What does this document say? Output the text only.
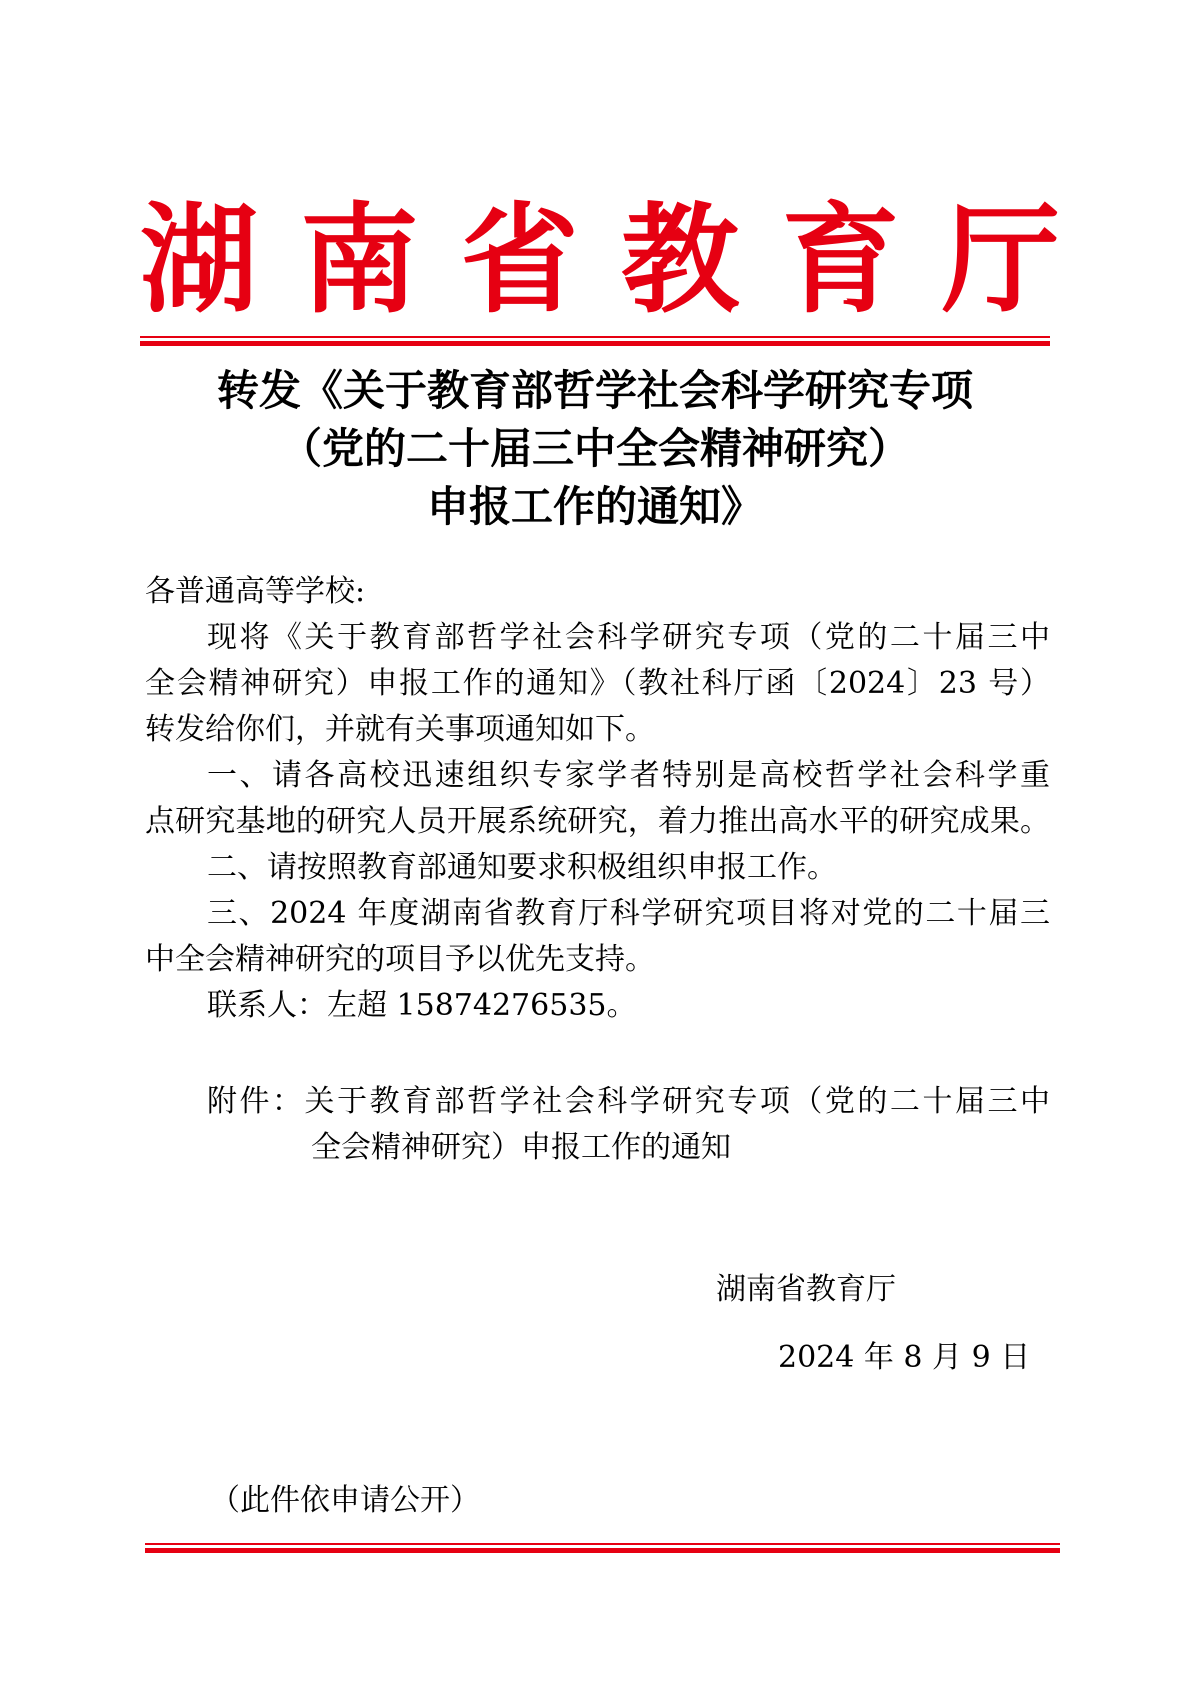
湖 南 省 教 育 厅
转发《关于教育部哲学社会科学研究专项
（党的二十届三中全会精神研究）
申报工作的通知》
各普通高等学校:
现将《关于教育部哲学社会科学研究专项（党的二十届三中
全会精神研究）申报工作的通知》（教社科厅函〔2024〕23 号）
转发给你们，并就有关事项通知如下。
一、请各高校迅速组织专家学者特别是高校哲学社会科学重
点研究基地的研究人员开展系统研究，着力推出高水平的研究成果。
二、请按照教育部通知要求积极组织申报工作。
三、2024 年度湖南省教育厅科学研究项目将对党的二十届三
中全会精神研究的项目予以优先支持。
联系人：左超 15874276535。
附件：关于教育部哲学社会科学研究专项（党的二十届三中
全会精神研究）申报工作的通知
湖南省教育厅
2024 年 8 月 9 日
（此件依申请公开）
